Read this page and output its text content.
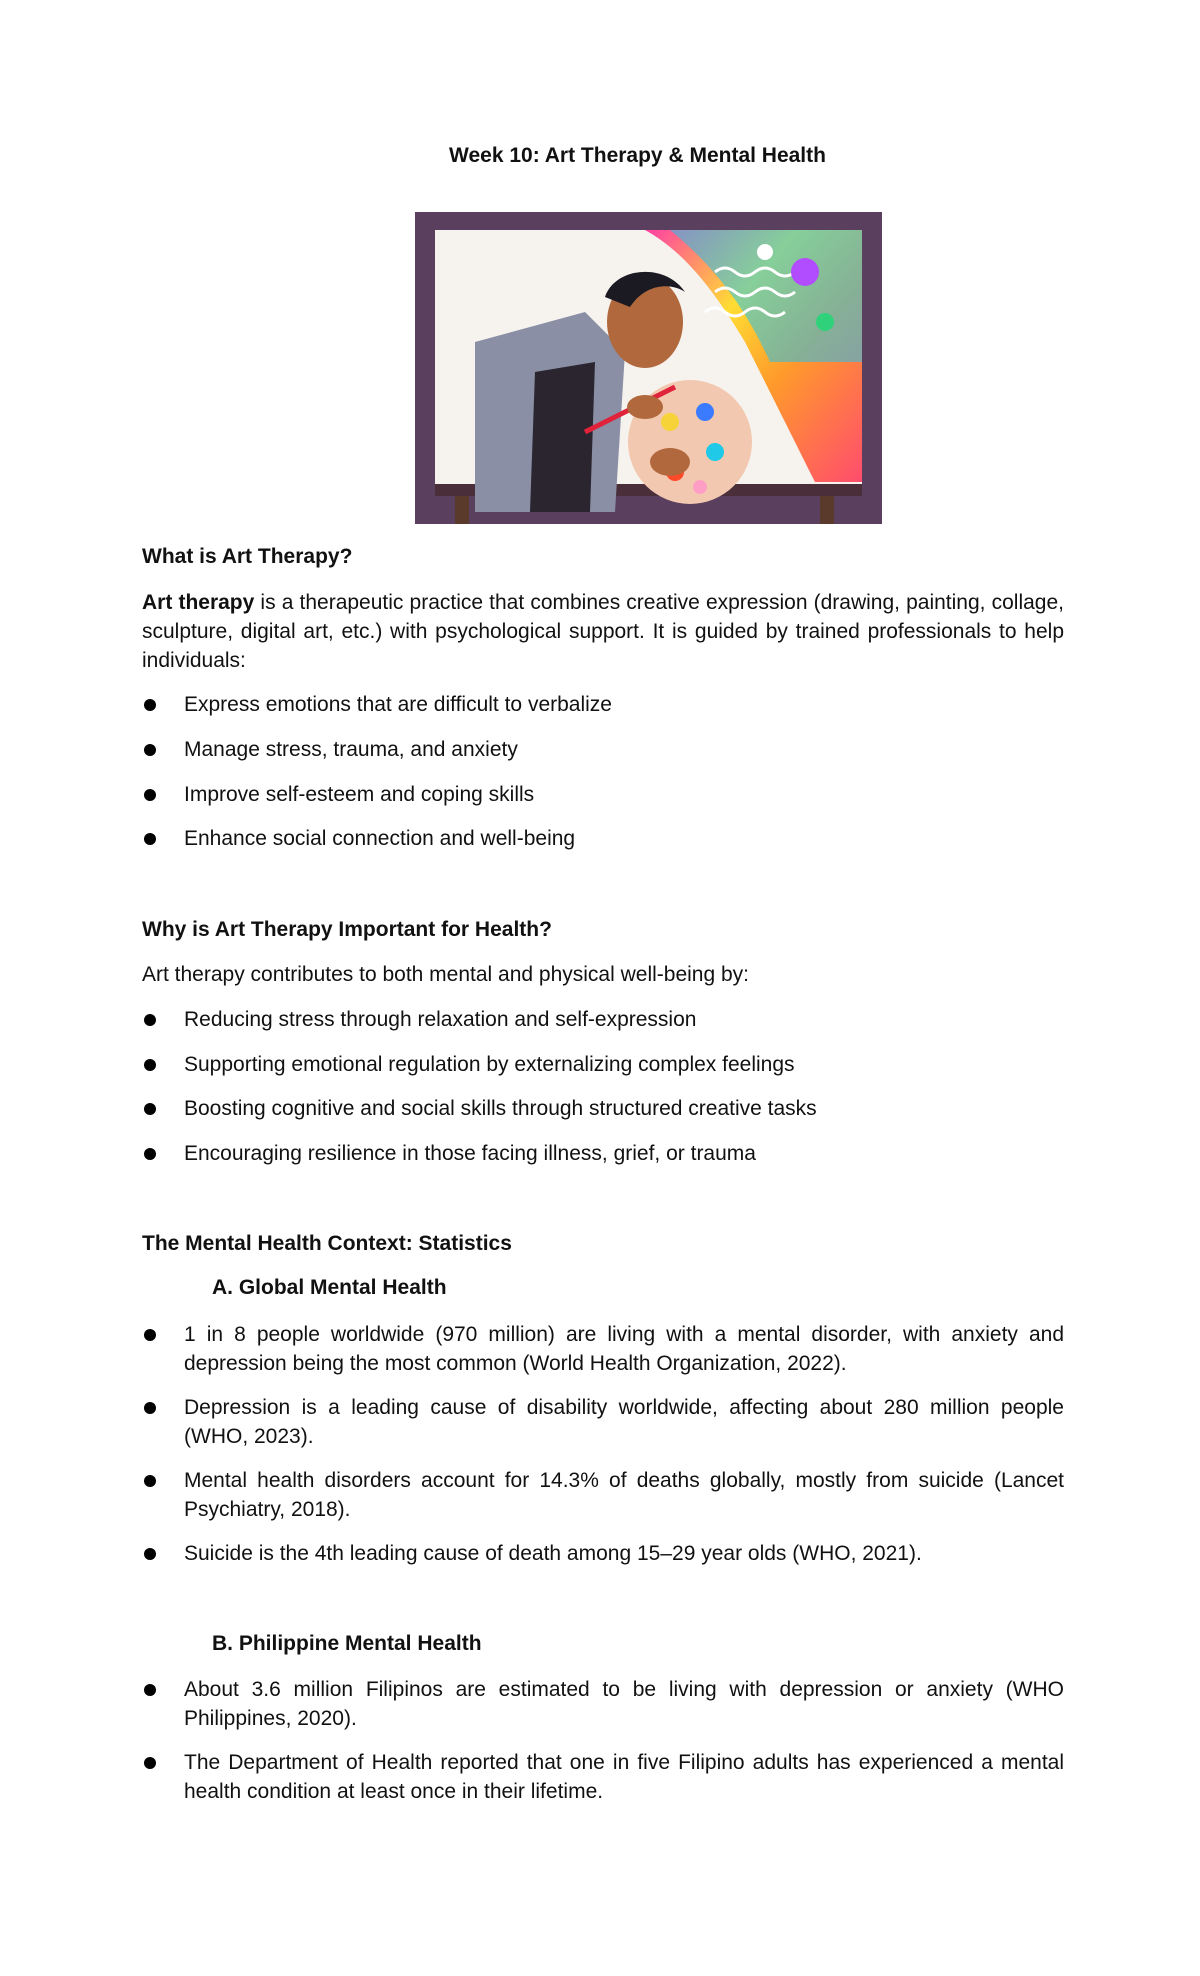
Week 10: Art Therapy & Mental Health
What is Art Therapy?
Art therapy is a therapeutic practice that combines creative expression (drawing, painting, collage, sculpture, digital art, etc.) with psychological support. It is guided by trained professionals to help individuals:
Express emotions that are difficult to verbalize
Manage stress, trauma, and anxiety
Improve self-esteem and coping skills
Enhance social connection and well-being
Why is Art Therapy Important for Health?
Art therapy contributes to both mental and physical well-being by:
Reducing stress through relaxation and self-expression
Supporting emotional regulation by externalizing complex feelings
Boosting cognitive and social skills through structured creative tasks
Encouraging resilience in those facing illness, grief, or trauma
The Mental Health Context: Statistics
A. Global Mental Health
1 in 8 people worldwide (970 million) are living with a mental disorder, with anxiety and depression being the most common (World Health Organization, 2022).
Depression is a leading cause of disability worldwide, affecting about 280 million people (WHO, 2023).
Mental health disorders account for 14.3% of deaths globally, mostly from suicide (Lancet Psychiatry, 2018).
Suicide is the 4th leading cause of death among 15–29 year olds (WHO, 2021).
B. Philippine Mental Health
About 3.6 million Filipinos are estimated to be living with depression or anxiety (WHO Philippines, 2020).
The Department of Health reported that one in five Filipino adults has experienced a mental health condition at least once in their lifetime.
